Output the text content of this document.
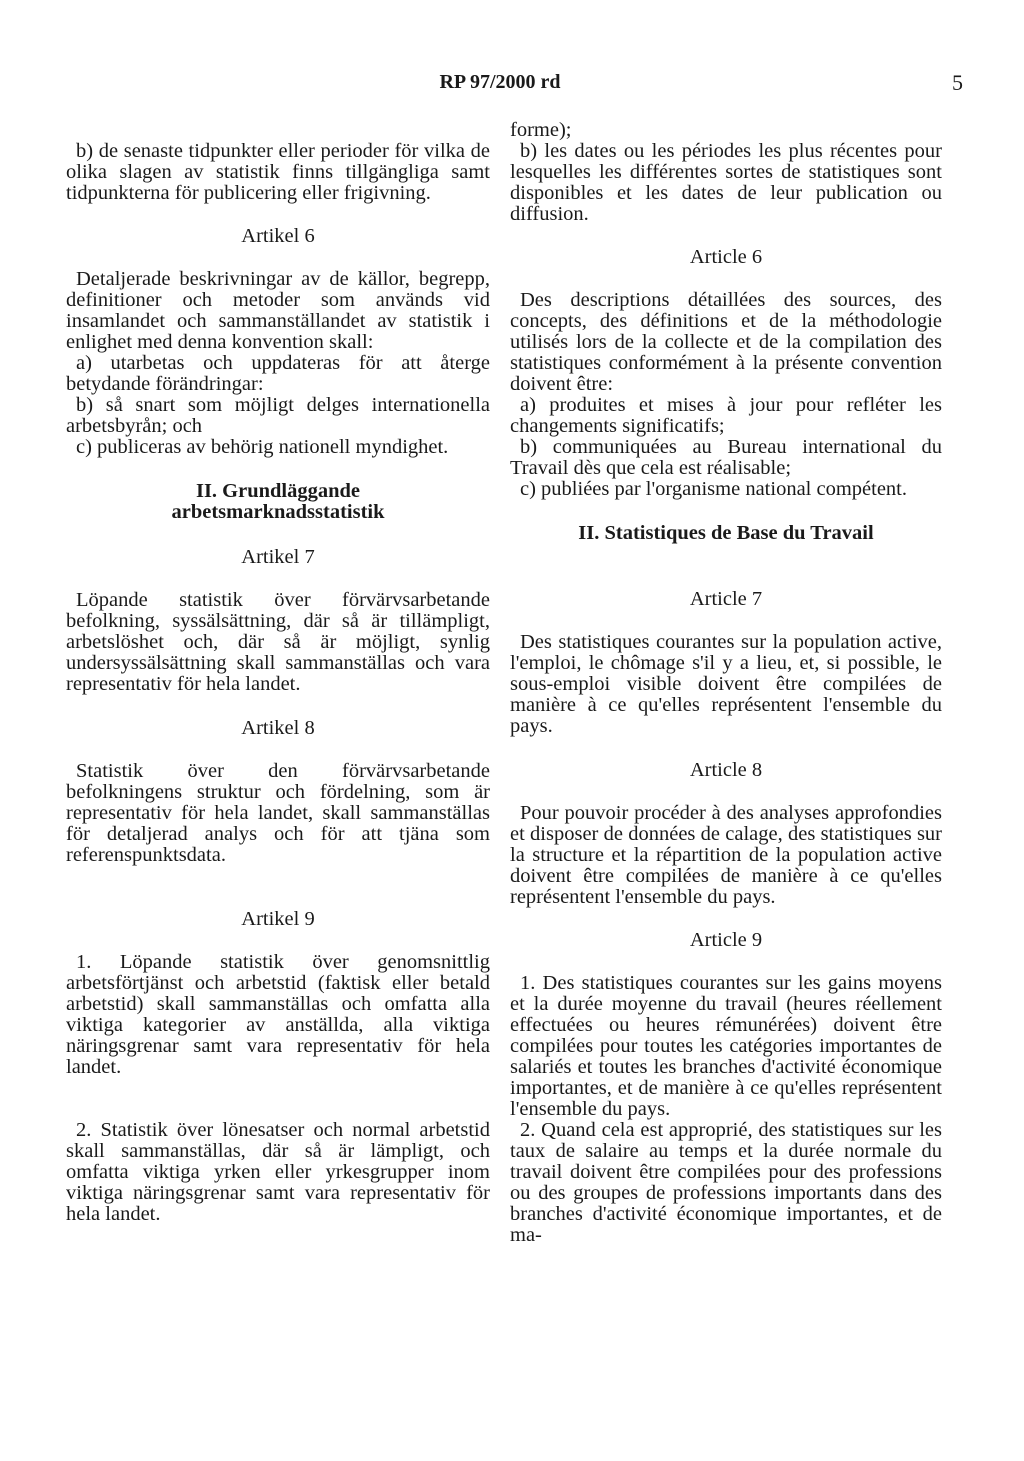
RP 97/2000 rd	5

b) de senaste tidpunkter eller perioder för vilka de olika slagen av statistik finns tillgängliga samt tidpunkterna för publicering eller frigivning.

Artikel 6

Detaljerade beskrivningar av de källor, begrepp, definitioner och metoder som används vid insamlandet och sammanställandet av statistik i enlighet med denna konvention skall:

a) utarbetas och uppdateras för att återge betydande förändringar:

b) så snart som möjligt delges internationella arbetsbyrån; och

c) publiceras av behörig nationell myndighet.

II. Grundläggande
arbetsmarknadsstatistik
Artikel 7

Löpande statistik över förvärvsarbetande befolkning, syssälsättning, där så är tillämpligt, arbetslöshet och, där så är möjligt, synlig undersyssälsättning skall sammanställas och vara representativ för hela landet.

Artikel 8

Statistik över den förvärvsarbetande befolkningens struktur och fördelning, som är representativ för hela landet, skall sammanställas för detaljerad analys och för att tjäna som referenspunktsdata.

Artikel 9

1. Löpande statistik över genomsnittlig arbetsförtjänst och arbetstid (faktisk eller betald arbetstid) skall sammanställas och omfatta alla viktiga kategorier av anställda, alla viktiga näringsgrenar samt vara representativ för hela landet.

2. Statistik över lönesatser och normal arbetstid skall sammanställas, där så är lämpligt, och omfatta viktiga yrken eller yrkesgrupper inom viktiga näringsgrenar samt vara representativ för hela landet.

forme);

b) les dates ou les périodes les plus récentes pour lesquelles les différentes sortes de statistiques sont disponibles et les dates de leur publication ou diffusion.

Article 6

Des descriptions détaillées des sources, des concepts, des définitions et de la méthodologie utilisés lors de la collecte et de la compilation des statistiques conformément à la présente convention doivent être:

a) produites et mises à jour pour refléter les changements significatifs;

b) communiquées au Bureau international du Travail dès que cela est réalisable;

c) publiées par l'organisme national compétent.

II. Statistiques de Base du Travail
Article 7

Des statistiques courantes sur la population active, l'emploi, le chômage s'il y a lieu, et, si possible, le sous-emploi visible doivent être compilées de manière à ce qu'elles représentent l'ensemble du pays.

Article 8

Pour pouvoir procéder à des analyses approfondies et disposer de données de calage, des statistiques sur la structure et la répartition de la population active doivent être compilées de manière à ce qu'elles représentent l'ensemble du pays.

Article 9

1. Des statistiques courantes sur les gains moyens et la durée moyenne du travail (heures réellement effectuées ou heures rémunérées) doivent être compilées pour toutes les catégories importantes de salariés et toutes les branches d'activité économique importantes, et de manière à ce qu'elles représentent l'ensemble du pays.

2. Quand cela est approprié, des statistiques sur les taux de salaire au temps et la durée normale du travail doivent être compilées pour des professions ou des groupes de professions importants dans des branches d'activité économique importantes, et de ma-
